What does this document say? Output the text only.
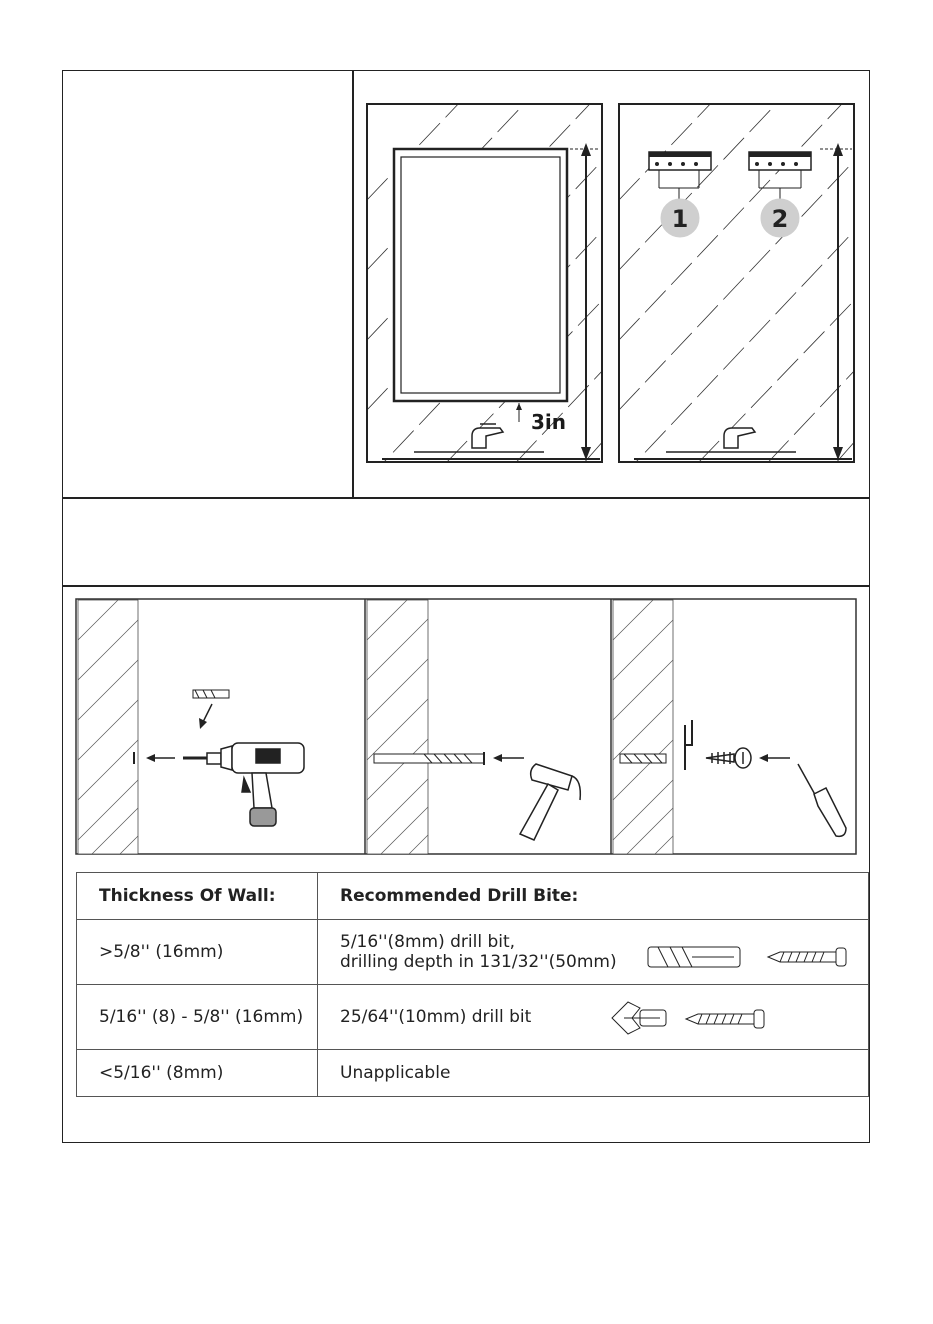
1	2
3in
Thickness Of Wall:	Recommended Drill Bite:
>5/8'' (16mm)	5/16''(8mm) drill bit,
drilling depth in 131/32''(50mm)

5/16'' (8) - 5/8'' (16mm)	25/64''(10mm) drill bit
<5/16'' (8mm)	Unapplicable
